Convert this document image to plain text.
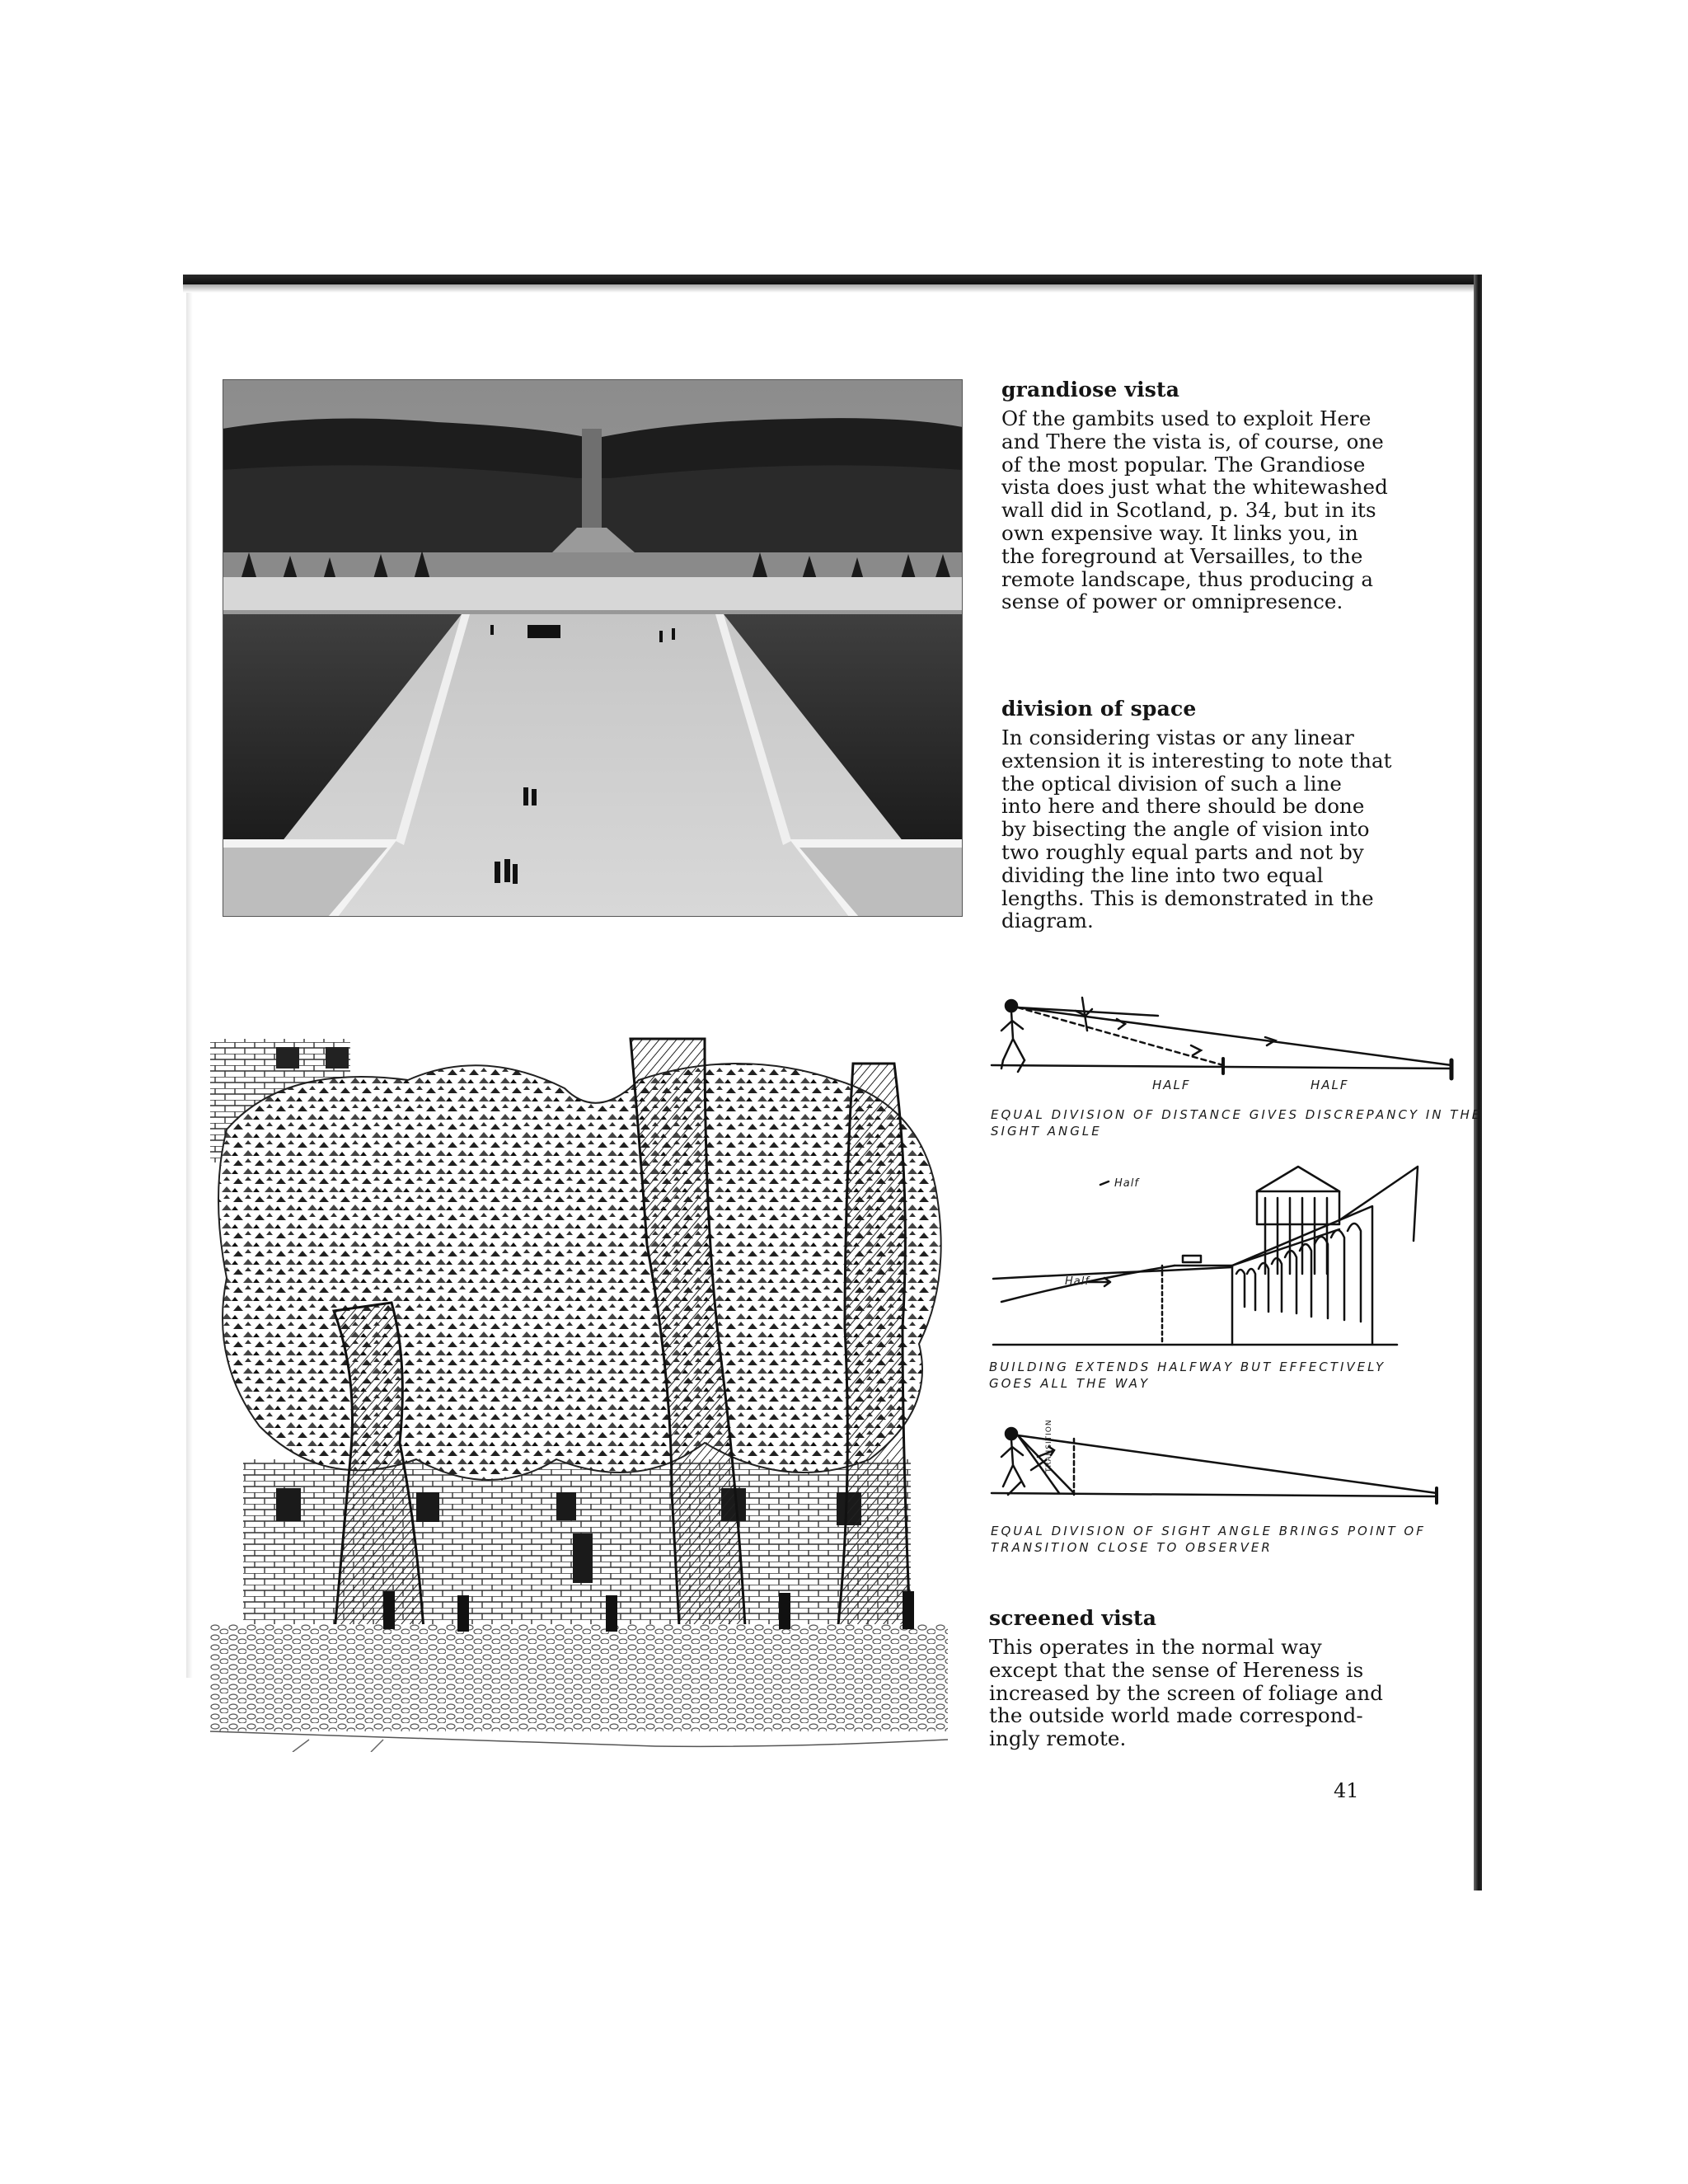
grandiose vista
Of the gambits used to exploit Here
and There the vista is, of course, one
of the most popular. The Grandiose
vista does just what the whitewashed
wall did in Scotland, p. 34, but in its
own expensive way. It links you, in
the foreground at Versailles, to the
remote landscape, thus producing a
sense of power or omnipresence.
division of space
In considering vistas or any linear
extension it is interesting to note that
the optical division of such a line
into here and there should be done
by bisecting the angle of vision into
two roughly equal parts and not by
dividing the line into two equal
lengths. This is demonstrated in the
diagram.
HALF	HALF
EQUAL DIVISION OF DISTANCE GIVES DISCREPANCY IN THE
SIGHT ANGLE
Half
Half
BUILDING EXTENDS HALFWAY BUT EFFECTIVELY
GOES ALL THE WAY
TRANSITION
EQUAL DIVISION OF SIGHT ANGLE BRINGS POINT OF
TRANSITION CLOSE TO OBSERVER
screened vista
This operates in the normal way
except that the sense of Hereness is
increased by the screen of foliage and
the outside world made correspond-
ingly remote.
41
